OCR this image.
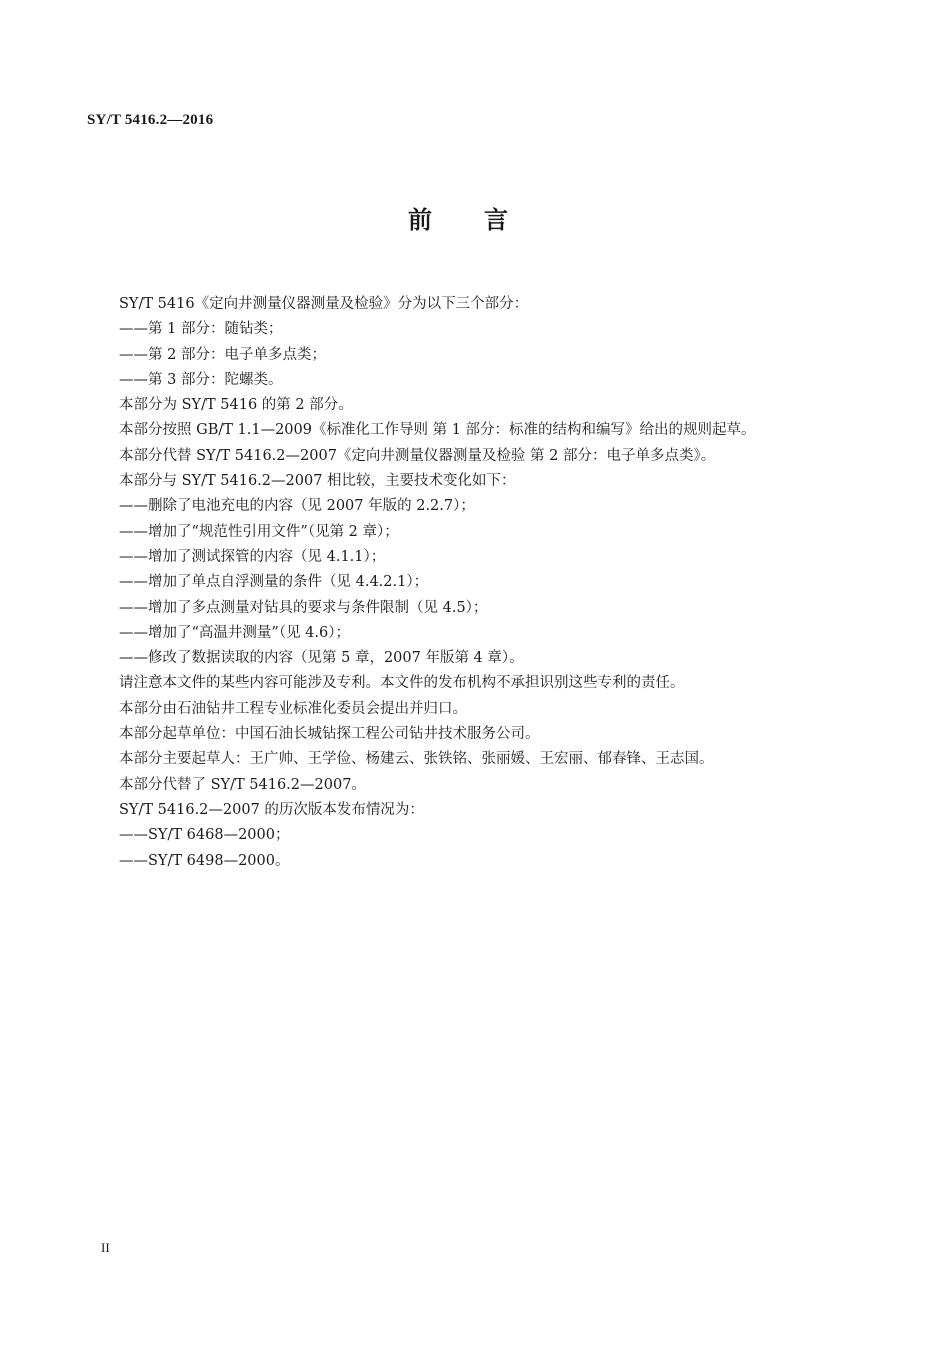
SY/T 5416.2—2016
前言

SY/T 5416《定向井测量仪器测量及检验》分为以下三个部分：

——第 1 部分：随钻类；

——第 2 部分：电子单多点类；

——第 3 部分：陀螺类。

本部分为 SY/T 5416 的第 2 部分。

本部分按照 GB/T 1.1—2009《标准化工作导则 第 1 部分：标准的结构和编写》给出的规则起草。

本部分代替 SY/T 5416.2—2007《定向井测量仪器测量及检验 第 2 部分：电子单多点类》。

本部分与 SY/T 5416.2—2007 相比较，主要技术变化如下：

——删除了电池充电的内容（见 2007 年版的 2.2.7）；

——增加了“规范性引用文件”（见第 2 章）；

——增加了测试探管的内容（见 4.1.1）；

——增加了单点自浮测量的条件（见 4.4.2.1）；

——增加了多点测量对钻具的要求与条件限制（见 4.5）；

——增加了“高温井测量”（见 4.6）；

——修改了数据读取的内容（见第 5 章，2007 年版第 4 章）。

请注意本文件的某些内容可能涉及专利。本文件的发布机构不承担识别这些专利的责任。

本部分由石油钻井工程专业标准化委员会提出并归口。

本部分起草单位：中国石油长城钻探工程公司钻井技术服务公司。

本部分主要起草人：王广帅、王学俭、杨建云、张铁铭、张丽媛、王宏丽、郁春锋、王志国。

本部分代替了 SY/T 5416.2—2007。

SY/T 5416.2—2007 的历次版本发布情况为：

——SY/T 6468—2000；

——SY/T 6498—2000。

II
